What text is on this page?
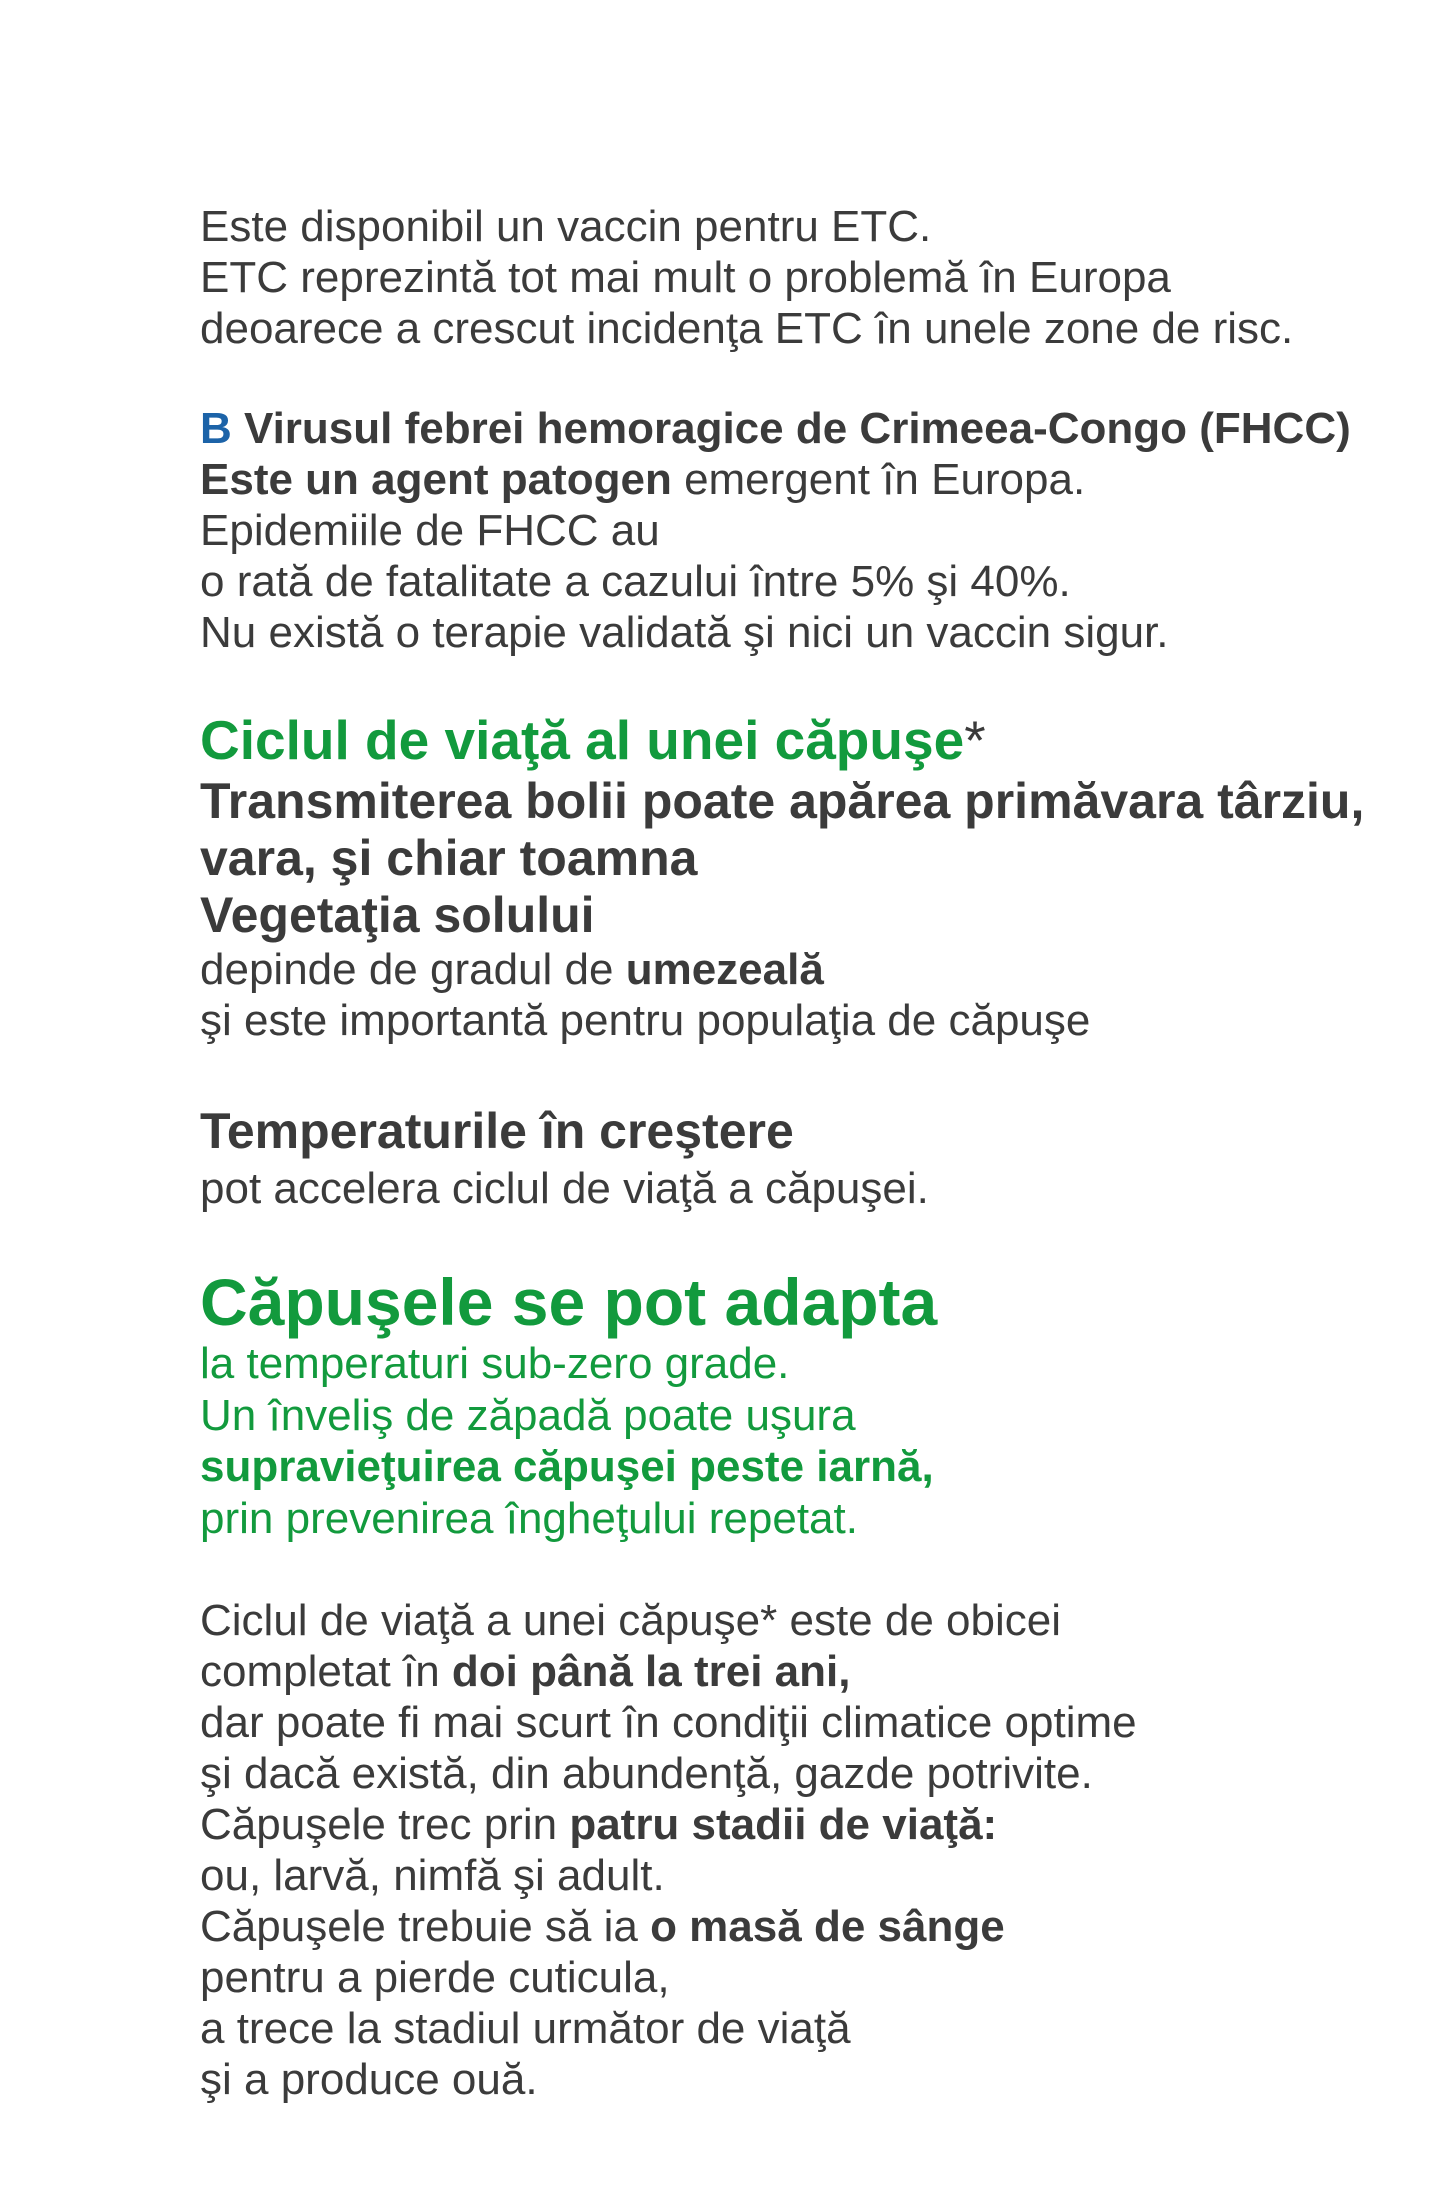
Este disponibil un vaccin pentru ETC.
ETC reprezintă tot mai mult o problemă în Europa
deoarece a crescut incidenţa ETC în unele zone de risc.
B Virusul febrei hemoragice de Crimeea-Congo (FHCC)
Este un agent patogen emergent în Europa.
Epidemiile de FHCC au
o rată de fatalitate a cazului între 5% şi 40%.
Nu există o terapie validată şi nici un vaccin sigur.
Ciclul de viaţă al unei căpuşe*
Transmiterea bolii poate apărea primăvara târziu,
vara, şi chiar toamna
Vegetaţia solului
depinde de gradul de umezeală
şi este importantă pentru populaţia de căpuşe
Temperaturile în creştere
pot accelera ciclul de viaţă a căpuşei.
Căpuşele se pot adapta
la temperaturi sub-zero grade.
Un înveliş de zăpadă poate uşura
supravieţuirea căpuşei peste iarnă,
prin prevenirea îngheţului repetat.
Ciclul de viaţă a unei căpuşe* este de obicei
completat în doi până la trei ani,
dar poate fi mai scurt în condiţii climatice optime
şi dacă există, din abundenţă, gazde potrivite.
Căpuşele trec prin patru stadii de viaţă:
ou, larvă, nimfă şi adult.
Căpuşele trebuie să ia o masă de sânge
pentru a pierde cuticula,
a trece la stadiul următor de viaţă
şi a produce ouă.
